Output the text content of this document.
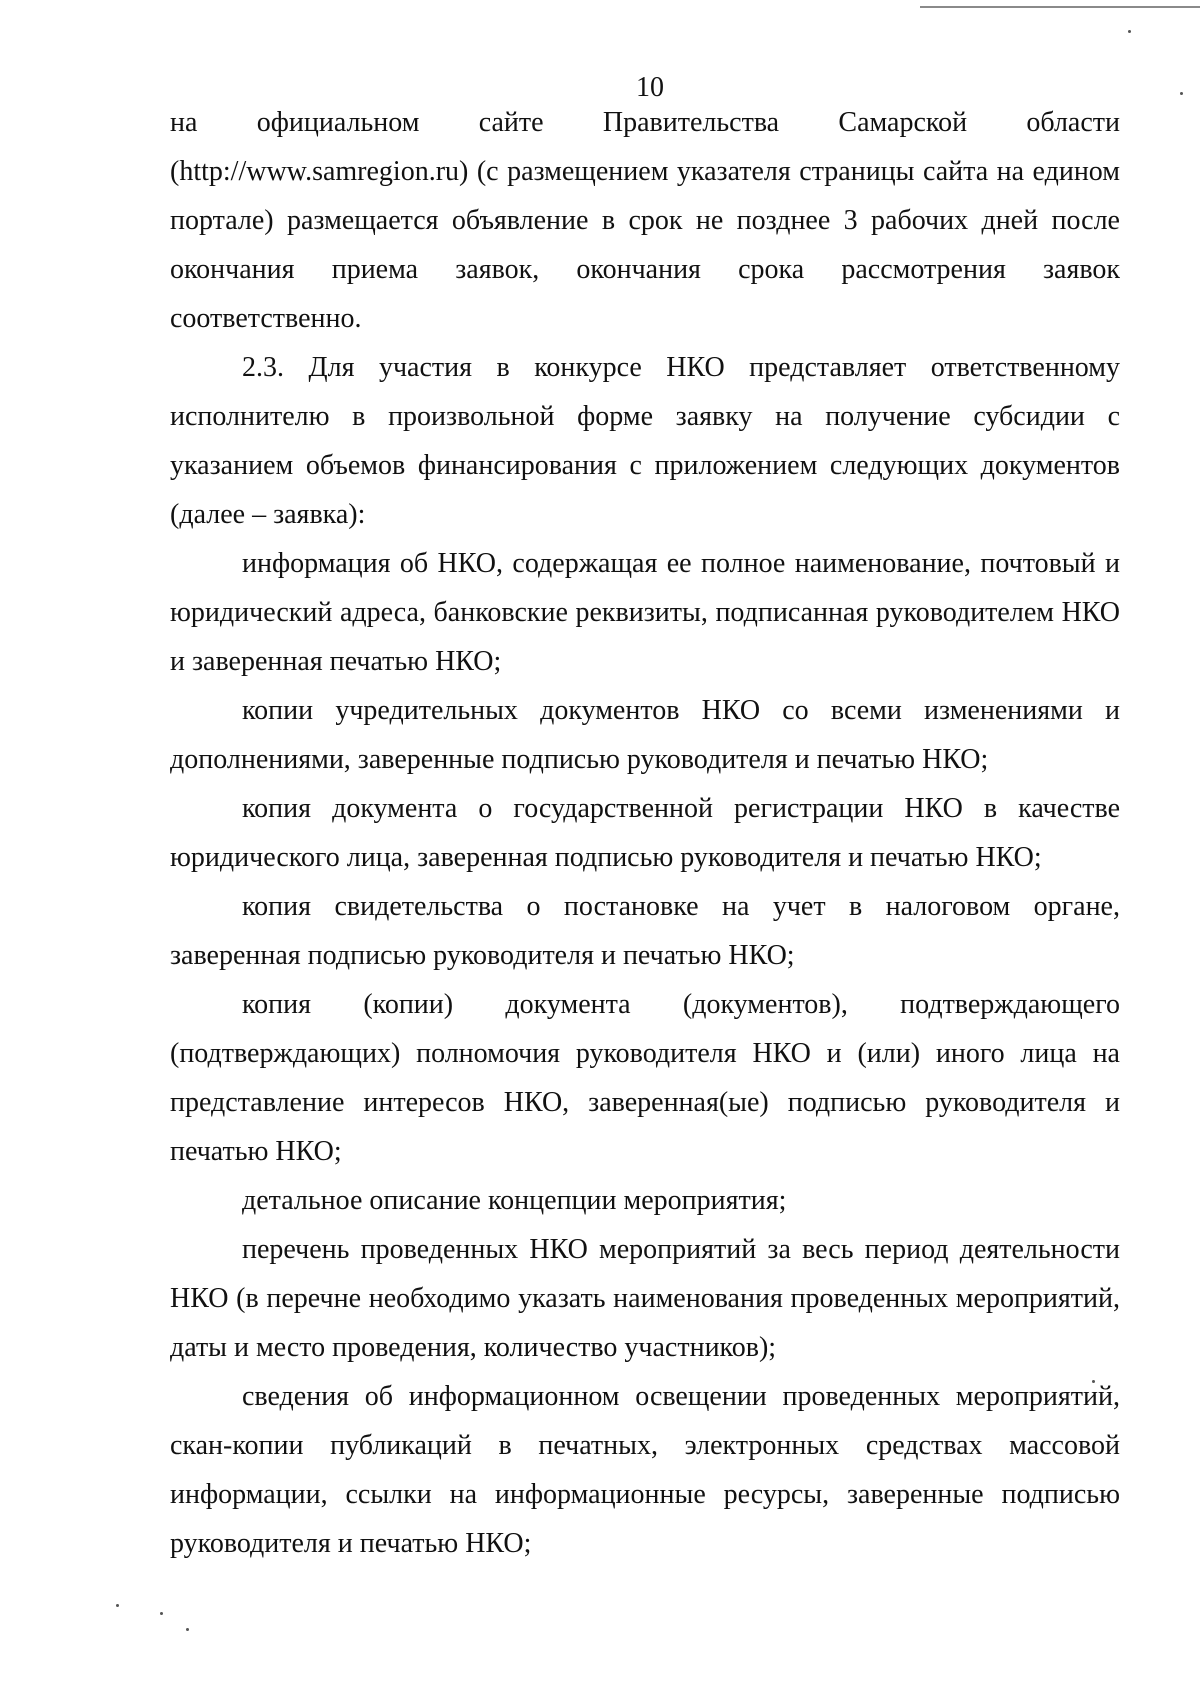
10

на официальном сайте Правительства Самарской области (http://www.samregion.ru) (с размещением указателя страницы сайта на едином портале) размещается объявление в срок не позднее 3 рабочих дней после окончания приема заявок, окончания срока рассмотрения заявок соответственно.

2.3. Для участия в конкурсе НКО представляет ответственному исполнителю в произвольной форме заявку на получение субсидии с указанием объемов финансирования с приложением следующих документов (далее – заявка):

информация об НКО, содержащая ее полное наименование, почтовый и юридический адреса, банковские реквизиты, подписанная руководителем НКО и заверенная печатью НКО;

копии учредительных документов НКО со всеми изменениями и дополнениями, заверенные подписью руководителя и печатью НКО;

копия документа о государственной регистрации НКО в качестве юридического лица, заверенная подписью руководителя и печатью НКО;

копия свидетельства о постановке на учет в налоговом органе, заверенная подписью руководителя и печатью НКО;

копия (копии) документа (документов), подтверждающего (подтверждающих) полномочия руководителя НКО и (или) иного лица на представление интересов НКО, заверенная(ые) подписью руководителя и печатью НКО;

детальное описание концепции мероприятия;

перечень проведенных НКО мероприятий за весь период деятельности НКО (в перечне необходимо указать наименования проведенных мероприятий, даты и место проведения, количество участников);

сведения об информационном освещении проведенных мероприятий, скан-копии публикаций в печатных, электронных средствах массовой информации, ссылки на информационные ресурсы, заверенные подписью руководителя и печатью НКО;
